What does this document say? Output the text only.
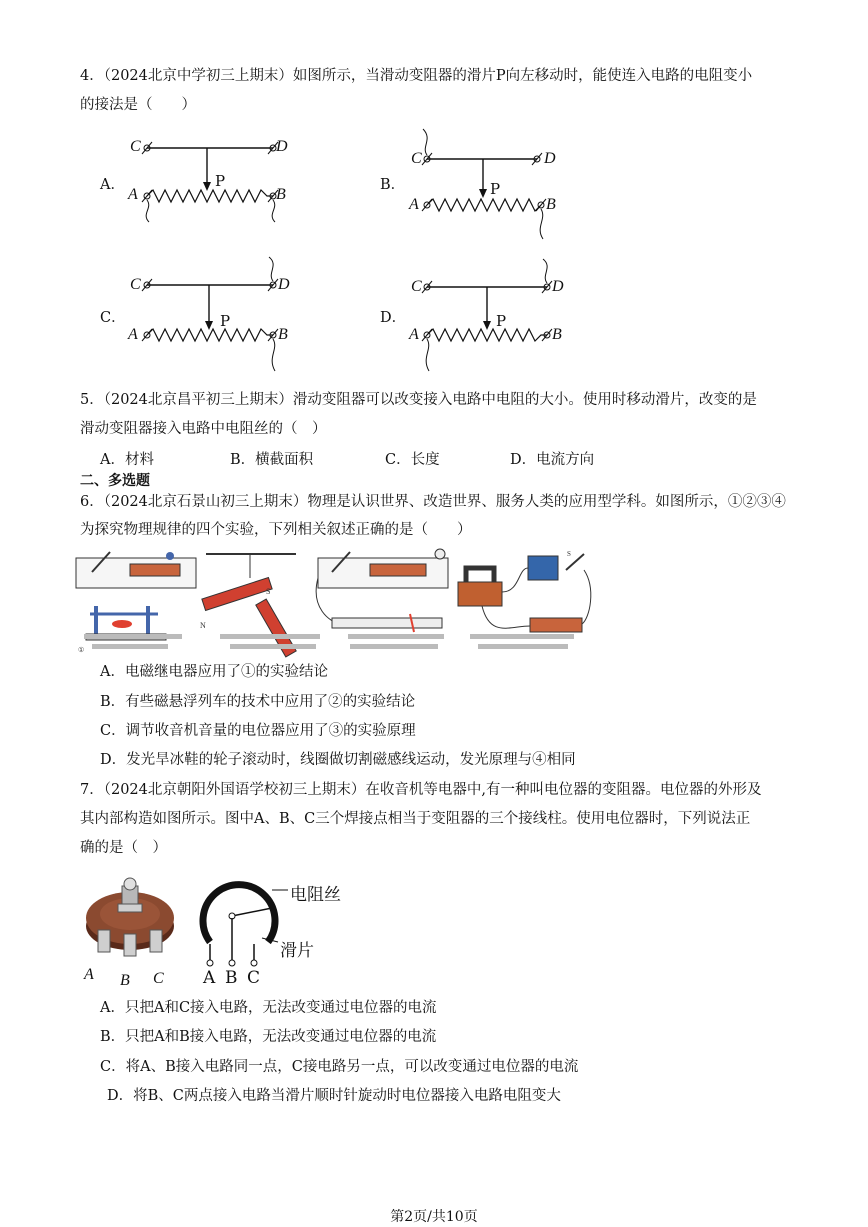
4．（2024北京中学初三上期末）如图所示，当滑动变阻器的滑片P向左移动时，能使连入电路的电阻变小
的接法是（　　）
A．	B．
C．	D．
C	D
A	B
P
C	D
A	B
P
C	D
A	B
P
C	D
A	B
P
5．（2024北京昌平初三上期末）滑动变阻器可以改变接入电路中电阻的大小。使用时移动滑片，改变的是
滑动变阻器接入电路中电阻丝的（　）
A．材料	B．横截面积	C．长度	D．电流方向
二、多选题
6．（2024北京石景山初三上期末）物理是认识世界、改造世界、服务人类的应用型学科。如图所示，①②③④
为探究物理规律的四个实验，下列相关叙述正确的是（　　）
①
N
S
S
A．电磁继电器应用了①的实验结论
B．有些磁悬浮列车的技术中应用了②的实验结论
C．调节收音机音量的电位器应用了③的实验原理
D．发光旱冰鞋的轮子滚动时，线圈做切割磁感线运动，发光原理与④相同
7．（2024北京朝阳外国语学校初三上期末）在收音机等电器中,有一种叫电位器的变阻器。电位器的外形及
其内部构造如图所示。图中A、B、C三个焊接点相当于变阻器的三个接线柱。使用电位器时，下列说法正
确的是（　）
A B C
电阻丝
滑片
A B C
A．只把A和C接入电路，无法改变通过电位器的电流
B．只把A和B接入电路，无法改变通过电位器的电流
C．将A、B接入电路同一点，C接电路另一点，可以改变通过电位器的电流
D．将B、C两点接入电路当滑片顺时针旋动时电位器接入电路电阻变大
第2页/共10页
